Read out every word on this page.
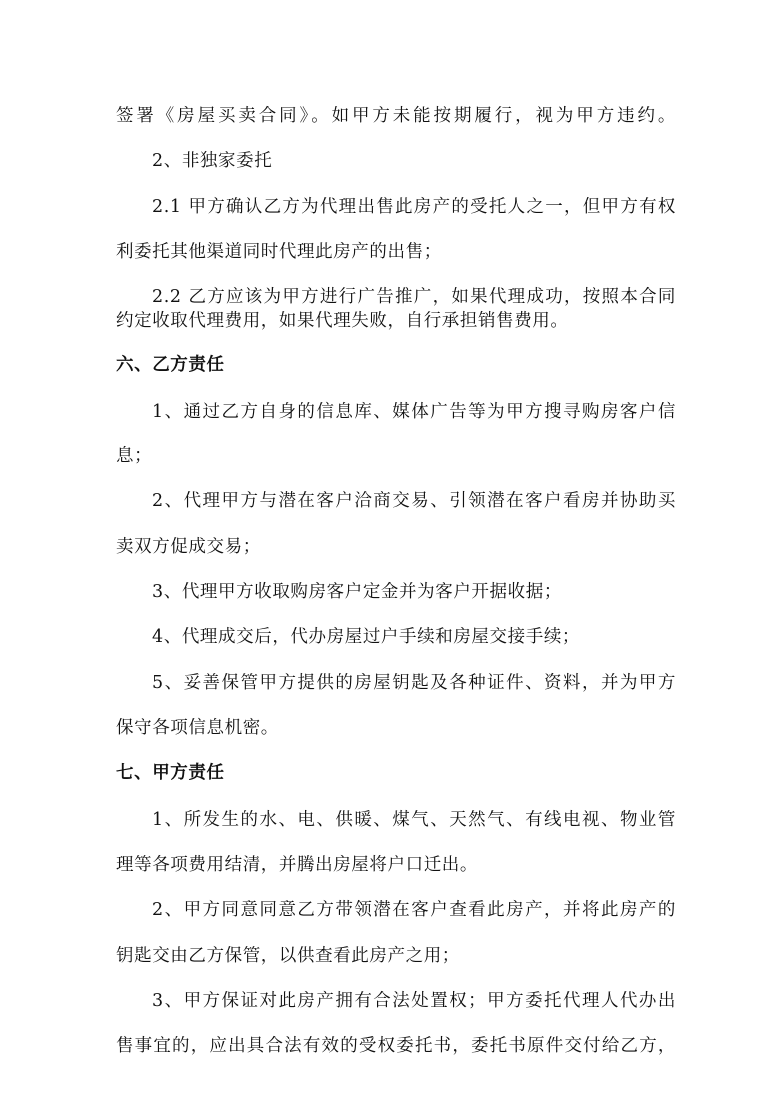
签署《房屋买卖合同》。如甲方未能按期履行，视为甲方违约。
2、非独家委托
2.1 甲方确认乙方为代理出售此房产的受托人之一，但甲方有权
利委托其他渠道同时代理此房产的出售；
2.2 乙方应该为甲方进行广告推广，如果代理成功，按照本合同
约定收取代理费用，如果代理失败，自行承担销售费用。
六、乙方责任
1、通过乙方自身的信息库、媒体广告等为甲方搜寻购房客户信
息；
2、代理甲方与潜在客户洽商交易、引领潜在客户看房并协助买
卖双方促成交易；
3、代理甲方收取购房客户定金并为客户开据收据；
4、代理成交后，代办房屋过户手续和房屋交接手续；
5、妥善保管甲方提供的房屋钥匙及各种证件、资料，并为甲方
保守各项信息机密。
七、甲方责任
1、所发生的水、电、供暖、煤气、天然气、有线电视、物业管
理等各项费用结清，并腾出房屋将户口迁出。
2、甲方同意同意乙方带领潜在客户查看此房产，并将此房产的
钥匙交由乙方保管，以供查看此房产之用；
3、甲方保证对此房产拥有合法处置权；甲方委托代理人代办出
售事宜的，应出具合法有效的受权委托书，委托书原件交付给乙方，
